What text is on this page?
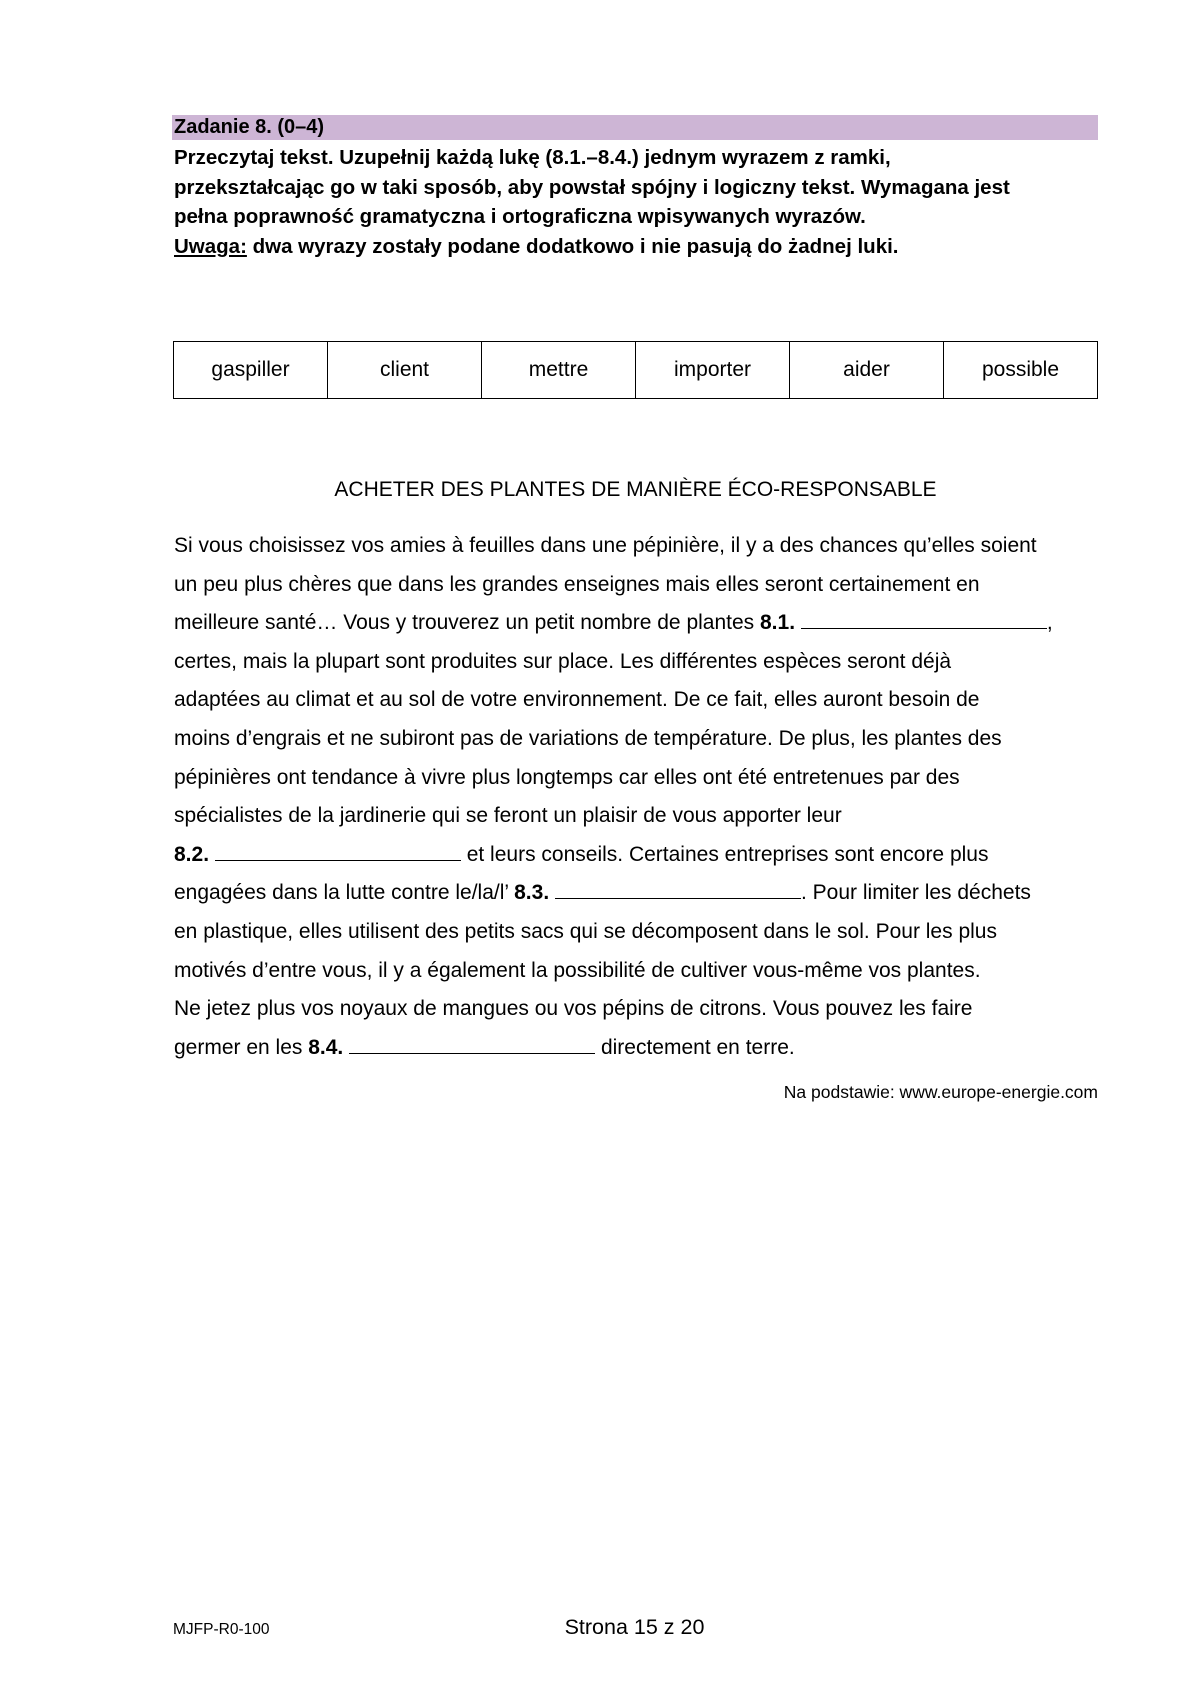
Zadanie 8. (0–4)

Przeczytaj tekst. Uzupełnij każdą lukę (8.1.–8.4.) jednym wyrazem z ramki,

przekształcając go w taki sposób, aby powstał spójny i logiczny tekst. Wymagana jest

pełna poprawność gramatyczna i ortograficzna wpisywanych wyrazów.

Uwaga: dwa wyrazy zostały podane dodatkowo i nie pasują do żadnej luki.

gaspiller	client	mettre	importer	aider	possible
ACHETER DES PLANTES DE MANIÈRE ÉCO-RESPONSABLE
Si vous choisissez vos amies à feuilles dans une pépinière, il y a des chances qu’elles soient
un peu plus chères que dans les grandes enseignes mais elles seront certainement en
meilleure santé… Vous y trouverez un petit nombre de plantes 8.1.	,
certes, mais la plupart sont produites sur place. Les différentes espèces seront déjà
adaptées au climat et au sol de votre environnement. De ce fait, elles auront besoin de
moins d’engrais et ne subiront pas de variations de température. De plus, les plantes des
pépinières ont tendance à vivre plus longtemps car elles ont été entretenues par des
spécialistes de la jardinerie qui se feront un plaisir de vous apporter leur
8.2.	et leurs conseils. Certaines entreprises sont encore plus
engagées dans la lutte contre le/la/l’ 8.3.	. Pour limiter les déchets
en plastique, elles utilisent des petits sacs qui se décomposent dans le sol. Pour les plus
motivés d’entre vous, il y a également la possibilité de cultiver vous-même vos plantes.
Ne jetez plus vos noyaux de mangues ou vos pépins de citrons. Vous pouvez les faire
germer en les 8.4.	directement en terre.
Na podstawie: www.europe-energie.com
MJFP-R0-100	Strona 15 z 20
